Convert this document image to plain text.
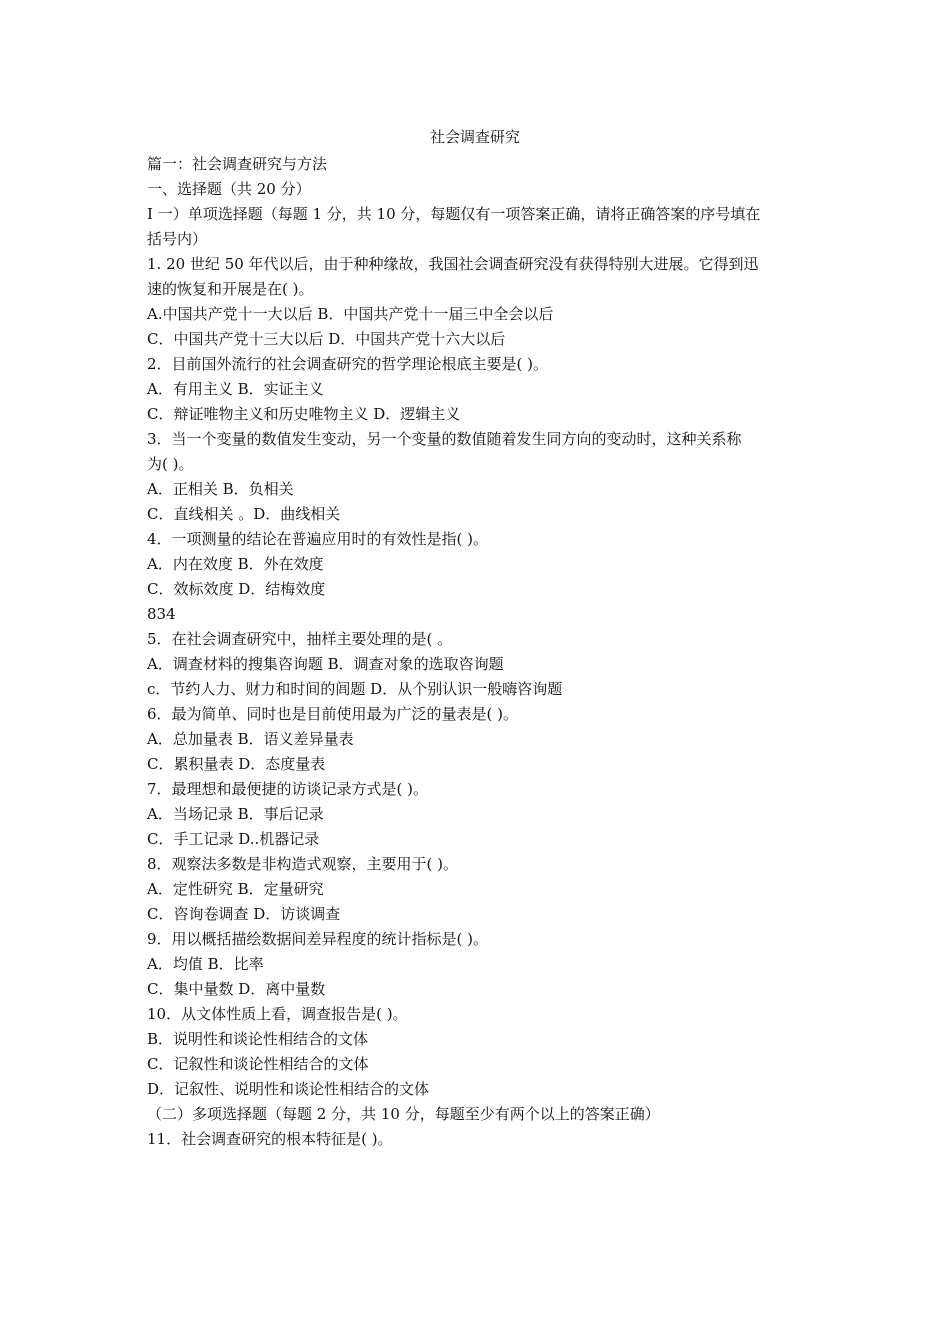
社会调查研究
篇一：社会调查研究与方法
一、选择题（共 20 分）
I 一）单项选择题（每题 1 分，共 10 分，每题仅有一项答案正确，请将正确答案的序号填在
括号内）
1. 20 世纪 50 年代以后，由于种种缘故，我国社会调查研究没有获得特别大进展。它得到迅
速的恢复和开展是在( )。
A.中国共产党十一大以后 B．中国共产党十一届三中全会以后
C．中国共产党十三大以后 D．中国共产党十六大以后
2．目前国外流行的社会调查研究的哲学理论根底主要是( )。
A．有用主义 B．实证主义
C．辩证唯物主义和历史唯物主义 D．逻辑主义
3．当一个变量的数值发生变动，另一个变量的数值随着发生同方向的变动时，这种关系称
为( )。
A．正相关 B．负相关
C．直线相关 。D．曲线相关
4．一项测量的结论在普遍应用时的有效性是指( )。
A．内在效度 B．外在效度
C．效标效度 D．结梅效度
834
5．在社会调查研究中，抽样主要处理的是( 。
A．调查材料的搜集咨询题 B．调查对象的选取咨询题
c．节约人力、财力和时间的闾题 D．从个别认识一般嗨咨询题
6．最为简单、同时也是目前使用最为广泛的量表是( )。
A．总加量表 B．语义差异量表
C．累积量表 D．态度量表
7．最理想和最便捷的访谈记录方式是( )。
A．当场记录 B．事后记录
C．手工记录 D..机器记录
8．观察法多数是非构造式观察，主要用于( )。
A．定性研究 B．定量研究
C．咨询卷调查 D．访谈调查
9．用以概括描绘数据间差异程度的统计指标是( )。
A．均值 B．比率
C．集中量数 D．离中量数
10．从文体性质上看，调查报告是( )。
B．说明性和谈论性相结合的文体
C．记叙性和谈论性相结合的文体
D．记叙性、说明性和谈论性相结合的文体
（二）多项选择题（每题 2 分，共 10 分，每题至少有两个以上的答案正确）
11．社会调查研究的根本特征是( )。
